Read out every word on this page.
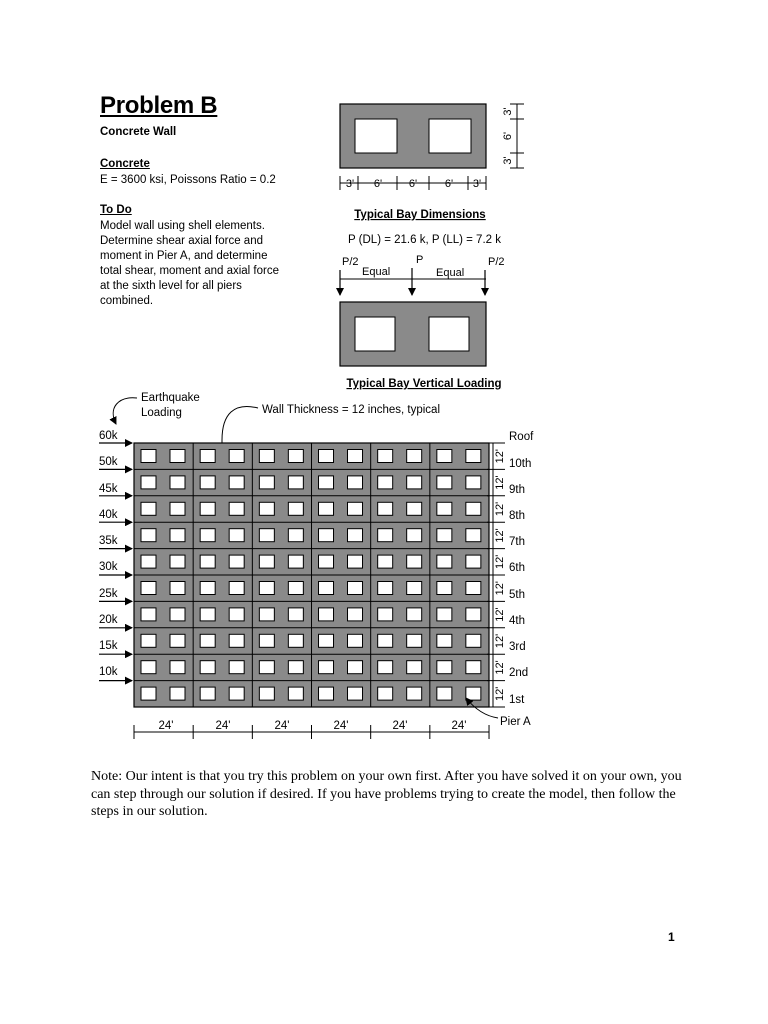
Problem B
Concrete Wall
Concrete
E = 3600 ksi, Poissons Ratio = 0.2
To Do
Model wall using shell elements.
Determine shear axial force and
moment in Pier A, and determine
total shear, moment and axial force
at the sixth level for all piers
combined.
3' 6' 6'	6' 3'
3'
6'
3'
Typical Bay Dimensions
P (DL) = 21.6 k, P (LL) = 7.2 k
P/2	P	P/2
Equal	Equal
Typical Bay Vertical Loading
Earthquake
Loading	Wall Thickness = 12 inches, typical
60k
50k
45k
40k
35k
30k
25k
20k
15k
10k
12'
12'
12'
12'
12'
12'
12'
12'
12'
12'
Roof
10th
9th
8th
7th
6th
5th
4th
3rd
2nd
1st
24'	24'	24'	24'	24'	24'	Pier A
Note: Our intent is that you try this problem on your own first. After you have solved it on your own, you can step through our solution if desired. If you have problems trying to create the model, then follow the steps in our solution.
1
